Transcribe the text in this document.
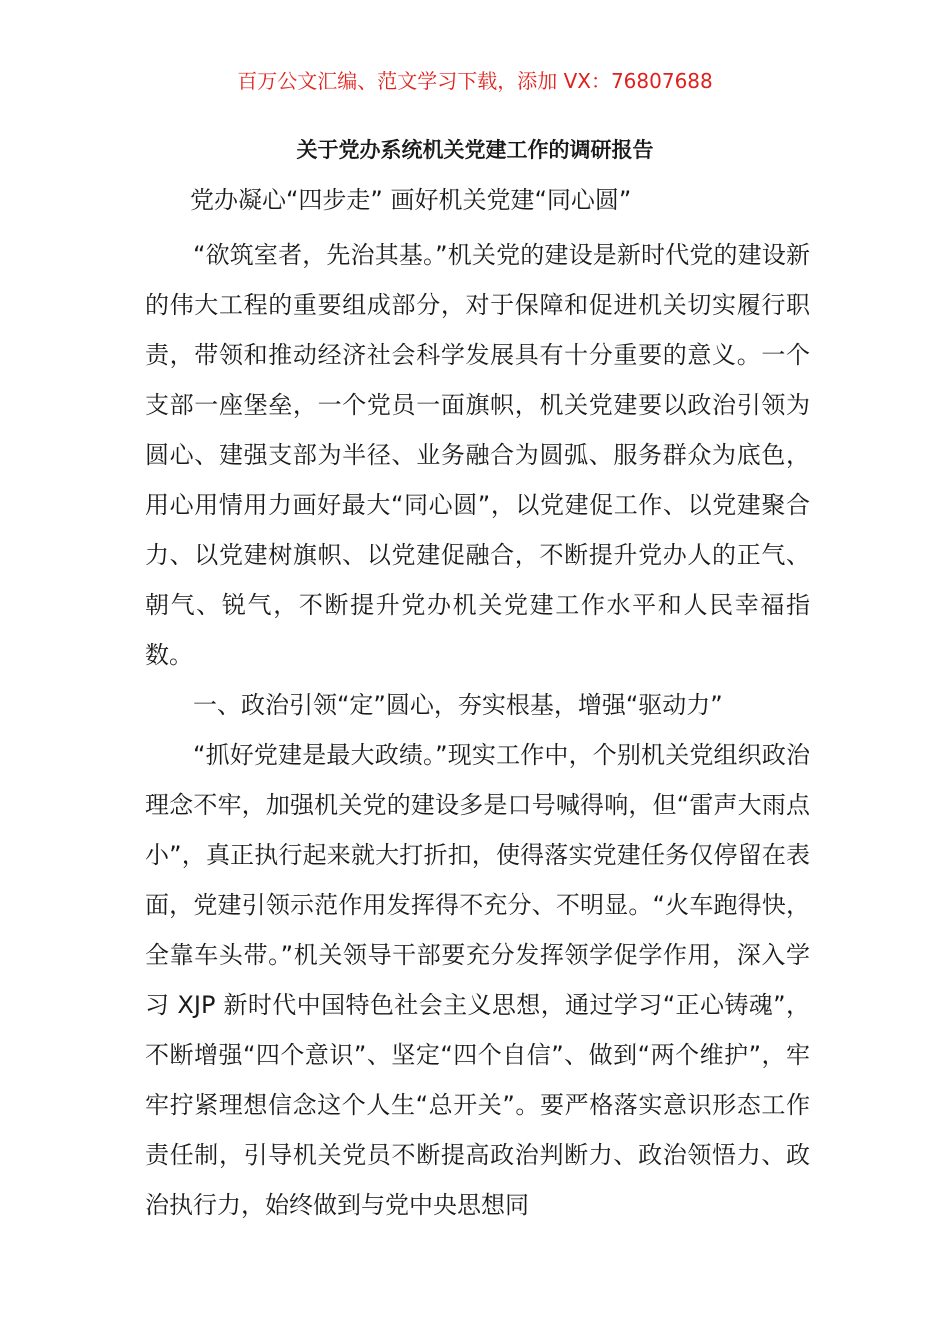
百万公文汇编、范文学习下载，添加 VX：76807688
关于党办系统机关党建工作的调研报告
党办凝心“四步走” 画好机关党建“同心圆”

“欲筑室者，先治其基。”机关党的建设是新时代党的建设新的伟大工程的重要组成部分，对于保障和促进机关切实履行职责，带领和推动经济社会科学发展具有十分重要的意义。一个支部一座堡垒，一个党员一面旗帜，机关党建要以政治引领为圆心、建强支部为半径、业务融合为圆弧、服务群众为底色，用心用情用力画好最大“同心圆”，以党建促工作、以党建聚合力、以党建树旗帜、以党建促融合，不断提升党办人的正气、朝气、锐气，不断提升党办机关党建工作水平和人民幸福指数。

一、政治引领“定”圆心，夯实根基，增强“驱动力”

“抓好党建是最大政绩。”现实工作中，个别机关党组织政治理念不牢，加强机关党的建设多是口号喊得响，但“雷声大雨点小”，真正执行起来就大打折扣，使得落实党建任务仅停留在表面，党建引领示范作用发挥得不充分、不明显。“火车跑得快，全靠车头带。”机关领导干部要充分发挥领学促学作用，深入学习 XJP 新时代中国特色社会主义思想，通过学习“正心铸魂”，不断增强“四个意识”、坚定“四个自信”、做到“两个维护”，牢牢拧紧理想信念这个人生“总开关”。要严格落实意识形态工作责任制，引导机关党员不断提高政治判断力、政治领悟力、政治执行力，始终做到与党中央思想同
